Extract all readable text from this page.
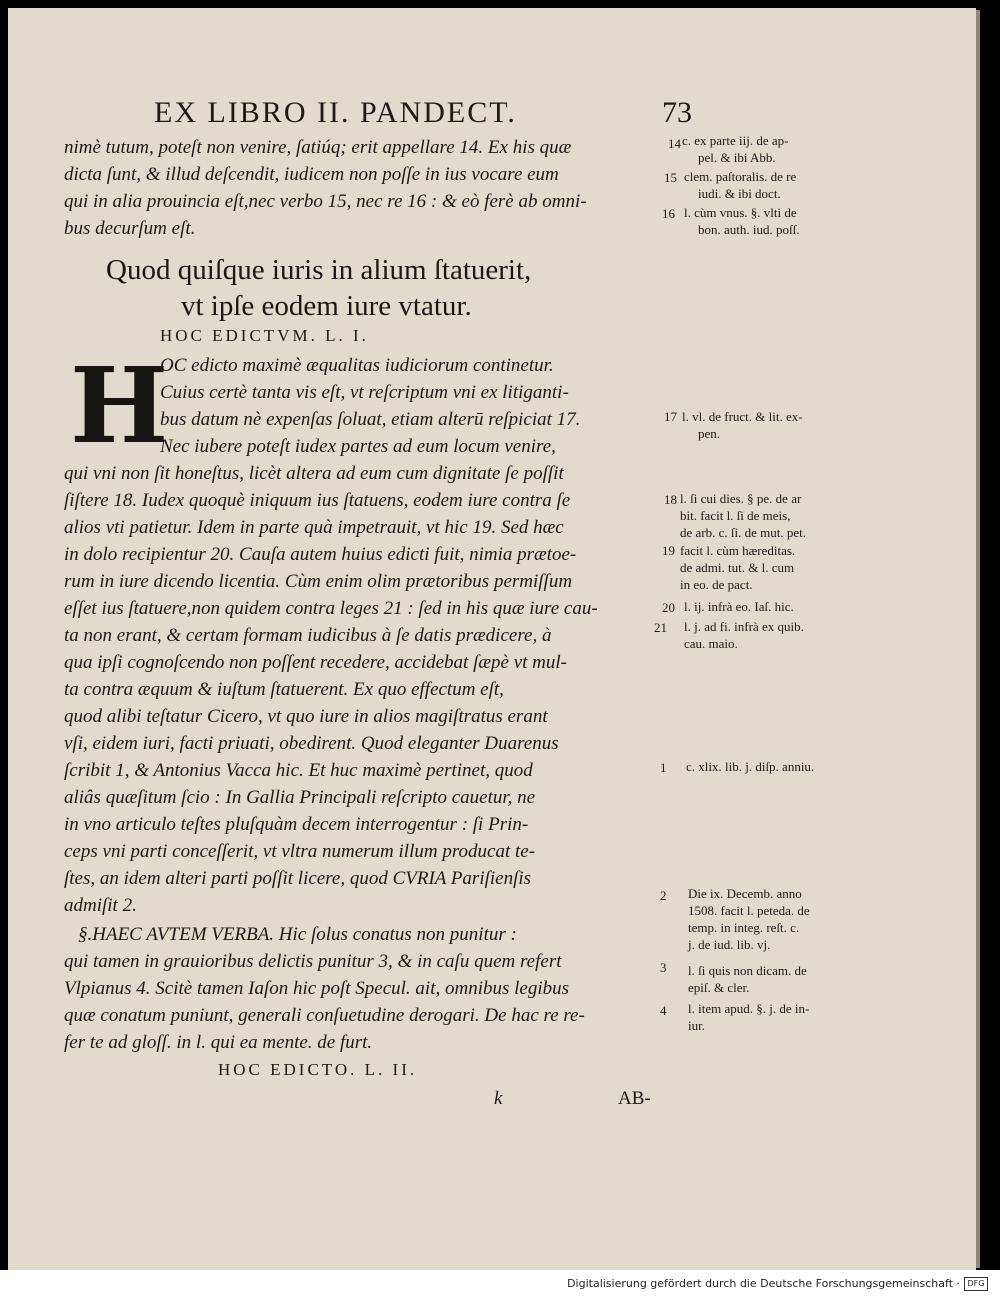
EX LIBRO II. PANDECT.	73
nimè tutum, poteſt non venire, ſatiúq; erit appellare 14. Ex his quæ
dicta ſunt, & illud deſcendit, iudicem non poſſe in ius vocare eum
qui in alia prouincia eſt,nec verbo 15, nec re 16 : & eò ferè ab omni-
bus decurſum eſt.
Quod quiſque iuris in alium ſtatuerit,
vt ipſe eodem iure vtatur.
HOC EDICTVM. L. I.
H
OC edicto maximè æqualitas iudiciorum continetur.
Cuius certè tanta vis eſt, vt reſcriptum vni ex litiganti-
bus datum nè expenſas ſoluat, etiam alterū reſpiciat 17.
Nec iubere poteſt iudex partes ad eum locum venire,
qui vni non ſit honeſtus, licèt altera ad eum cum dignitate ſe poſſit
ſiſtere 18. Iudex quoquè iniquum ius ſtatuens, eodem iure contra ſe
alios vti patietur. Idem in parte quà impetrauit, vt hic 19. Sed hæc
in dolo recipientur 20. Cauſa autem huius edicti fuit, nimia prætoe-
rum in iure dicendo licentia. Cùm enim olim prætoribus permiſſum
eſſet ius ſtatuere,non quidem contra leges 21 : ſed in his quæ iure cau-
ta non erant, & certam formam iudicibus à ſe datis prædicere, à
qua ipſi cognoſcendo non poſſent recedere, accidebat ſæpè vt mul-
ta contra æquum & iuſtum ſtatuerent. Ex quo effectum eſt,
quod alibi teſtatur Cicero, vt quo iure in alios magiſtratus erant
vſi, eidem iuri, facti priuati, obedirent. Quod eleganter Duarenus
ſcribit 1, & Antonius Vacca hic. Et huc maximè pertinet, quod
aliâs quæſitum ſcio : In Gallia Principali reſcripto cauetur, ne
in vno articulo teſtes pluſquàm decem interrogentur : ſi Prin-
ceps vni parti conceſſerit, vt vltra numerum illum producat te-
ſtes, an idem alteri parti poſſit licere, quod CVRIA Pariſienſis
admiſit 2.
§.HAEC AVTEM VERBA. Hic ſolus conatus non punitur :
qui tamen in grauioribus delictis punitur 3, & in caſu quem refert
Vlpianus 4. Scitè tamen Iaſon hic poſt Specul. ait, omnibus legibus
quæ conatum puniunt, generali conſuetudine derogari. De hac re re-
fer te ad gloſſ. in l. qui ea mente. de furt.
HOC EDICTO. L. II.
k	AB-
14 c. ex parte iij. de ap-
pel. & ibi Abb.
15 clem. paſtoralis. de re
iudi. & ibi doct.
16 l. cùm vnus. §. vlti de
bon. auth. iud. poſſ.
17 l. vl. de fruct. & lit. ex-
pen.
18 l. ſi cui dies. § pe. de ar
bit. facit l. ſi de meis,
de arb. c. ſi. de mut. pet.
19 facit l. cùm hæreditas.
de admi. tut. & l. cum
in eo. de pact.
20 l. ij. infrà eo. Iaſ. hic.
21 l. j. ad fi. infrà ex quib.
cau. maio.
1 c. xlix. lib. j. diſp. anniu.
2 Die ix. Decemb. anno
1508. facit l. peteda. de
temp. in integ. reſt. c.
j. de iud. lib. vj.
3 l. ſi quis non dicam. de
epiſ. & cler.
4 l. item apud. §. j. de in-
iur.
Digitalisierung gefördert durch die Deutsche Forschungsgemeinschaft · DFG
